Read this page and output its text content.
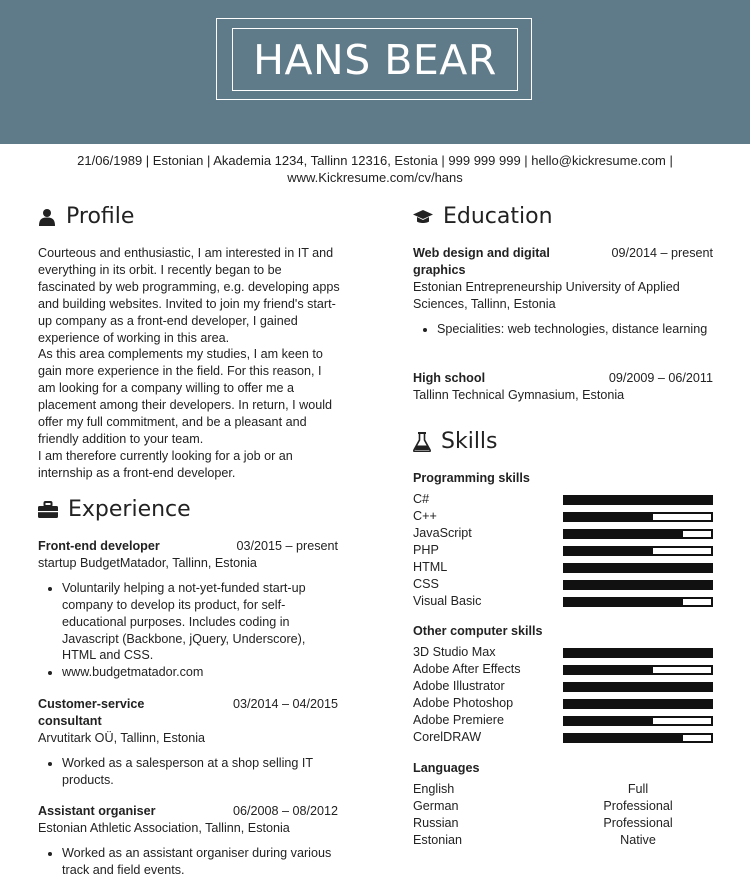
HANS BEAR
21/06/1989 | Estonian | Akademia 1234, Tallinn 12316, Estonia | 999 999 999 | hello@kickresume.com |
www.Kickresume.com/cv/hans
Profile
Courteous and enthusiastic, I am interested in IT and everything in its orbit. I recently began to be fascinated by web programming, e.g. developing apps and building websites. Invited to join my friend's start-up company as a front-end developer, I gained experience of working in this area.
As this area complements my studies, I am keen to gain more experience in the field. For this reason, I am looking for a company willing to offer me a placement among their developers. In return, I would offer my full commitment, and be a pleasant and friendly addition to your team.
I am therefore currently looking for a job or an internship as a front-end developer.
Experience
Front-end developer	03/2015 – present
startup BudgetMatador, Tallinn, Estonia
• Voluntarily helping a not-yet-funded start-up company to develop its product, for self-educational purposes. Includes coding in Javascript (Backbone, jQuery, Underscore), HTML and CSS.
• www.budgetmatador.com
Customer-service consultant
03/2014 – 04/2015
Arvutitark OÜ, Tallinn, Estonia
• Worked as a salesperson at a shop selling IT products.
Assistant organiser	06/2008 – 08/2012
Estonian Athletic Association, Tallinn, Estonia
• Worked as an assistant organiser during various track and field events.
Education
Web design and digital graphics
09/2014 – present
Estonian Entrepreneurship University of Applied Sciences, Tallinn, Estonia
• Specialities: web technologies, distance learning
High school	09/2009 – 06/2011
Tallinn Technical Gymnasium, Estonia
Skills
Programming skills
C#
C++
JavaScript
PHP
HTML
CSS
Visual Basic
Other computer skills
3D Studio Max
Adobe After Effects
Adobe Illustrator
Adobe Photoshop
Adobe Premiere
CorelDRAW
Languages
English	Full
German	Professional
Russian	Professional
Estonian	Native
